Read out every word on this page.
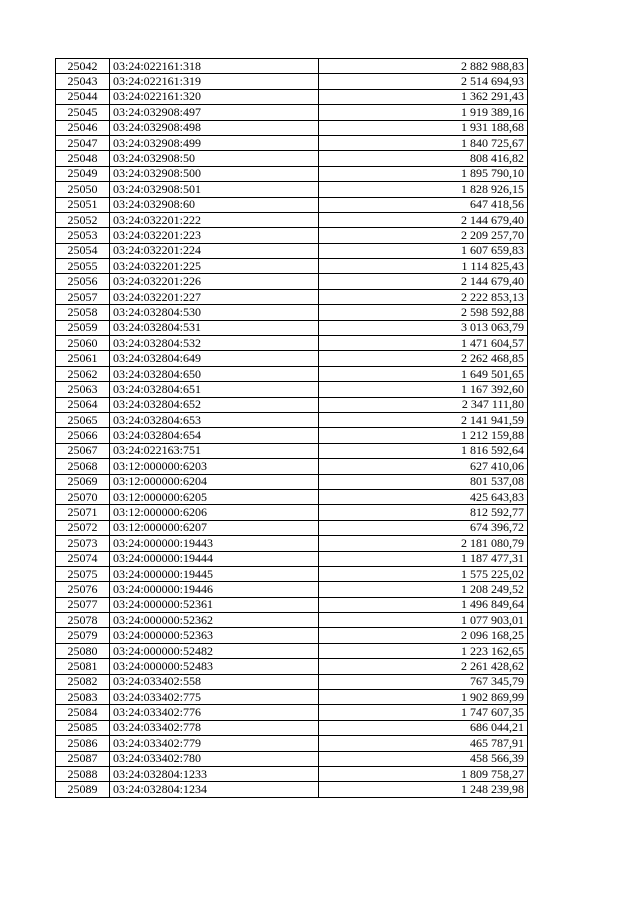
25042	03:24:022161:318	2 882 988,83
25043	03:24:022161:319	2 514 694,93
25044	03:24:022161:320	1 362 291,43
25045	03:24:032908:497	1 919 389,16
25046	03:24:032908:498	1 931 188,68
25047	03:24:032908:499	1 840 725,67
25048	03:24:032908:50	808 416,82
25049	03:24:032908:500	1 895 790,10
25050	03:24:032908:501	1 828 926,15
25051	03:24:032908:60	647 418,56
25052	03:24:032201:222	2 144 679,40
25053	03:24:032201:223	2 209 257,70
25054	03:24:032201:224	1 607 659,83
25055	03:24:032201:225	1 114 825,43
25056	03:24:032201:226	2 144 679,40
25057	03:24:032201:227	2 222 853,13
25058	03:24:032804:530	2 598 592,88
25059	03:24:032804:531	3 013 063,79
25060	03:24:032804:532	1 471 604,57
25061	03:24:032804:649	2 262 468,85
25062	03:24:032804:650	1 649 501,65
25063	03:24:032804:651	1 167 392,60
25064	03:24:032804:652	2 347 111,80
25065	03:24:032804:653	2 141 941,59
25066	03:24:032804:654	1 212 159,88
25067	03:24:022163:751	1 816 592,64
25068	03:12:000000:6203	627 410,06
25069	03:12:000000:6204	801 537,08
25070	03:12:000000:6205	425 643,83
25071	03:12:000000:6206	812 592,77
25072	03:12:000000:6207	674 396,72
25073	03:24:000000:19443	2 181 080,79
25074	03:24:000000:19444	1 187 477,31
25075	03:24:000000:19445	1 575 225,02
25076	03:24:000000:19446	1 208 249,52
25077	03:24:000000:52361	1 496 849,64
25078	03:24:000000:52362	1 077 903,01
25079	03:24:000000:52363	2 096 168,25
25080	03:24:000000:52482	1 223 162,65
25081	03:24:000000:52483	2 261 428,62
25082	03:24:033402:558	767 345,79
25083	03:24:033402:775	1 902 869,99
25084	03:24:033402:776	1 747 607,35
25085	03:24:033402:778	686 044,21
25086	03:24:033402:779	465 787,91
25087	03:24:033402:780	458 566,39
25088	03:24:032804:1233	1 809 758,27
25089	03:24:032804:1234	1 248 239,98
